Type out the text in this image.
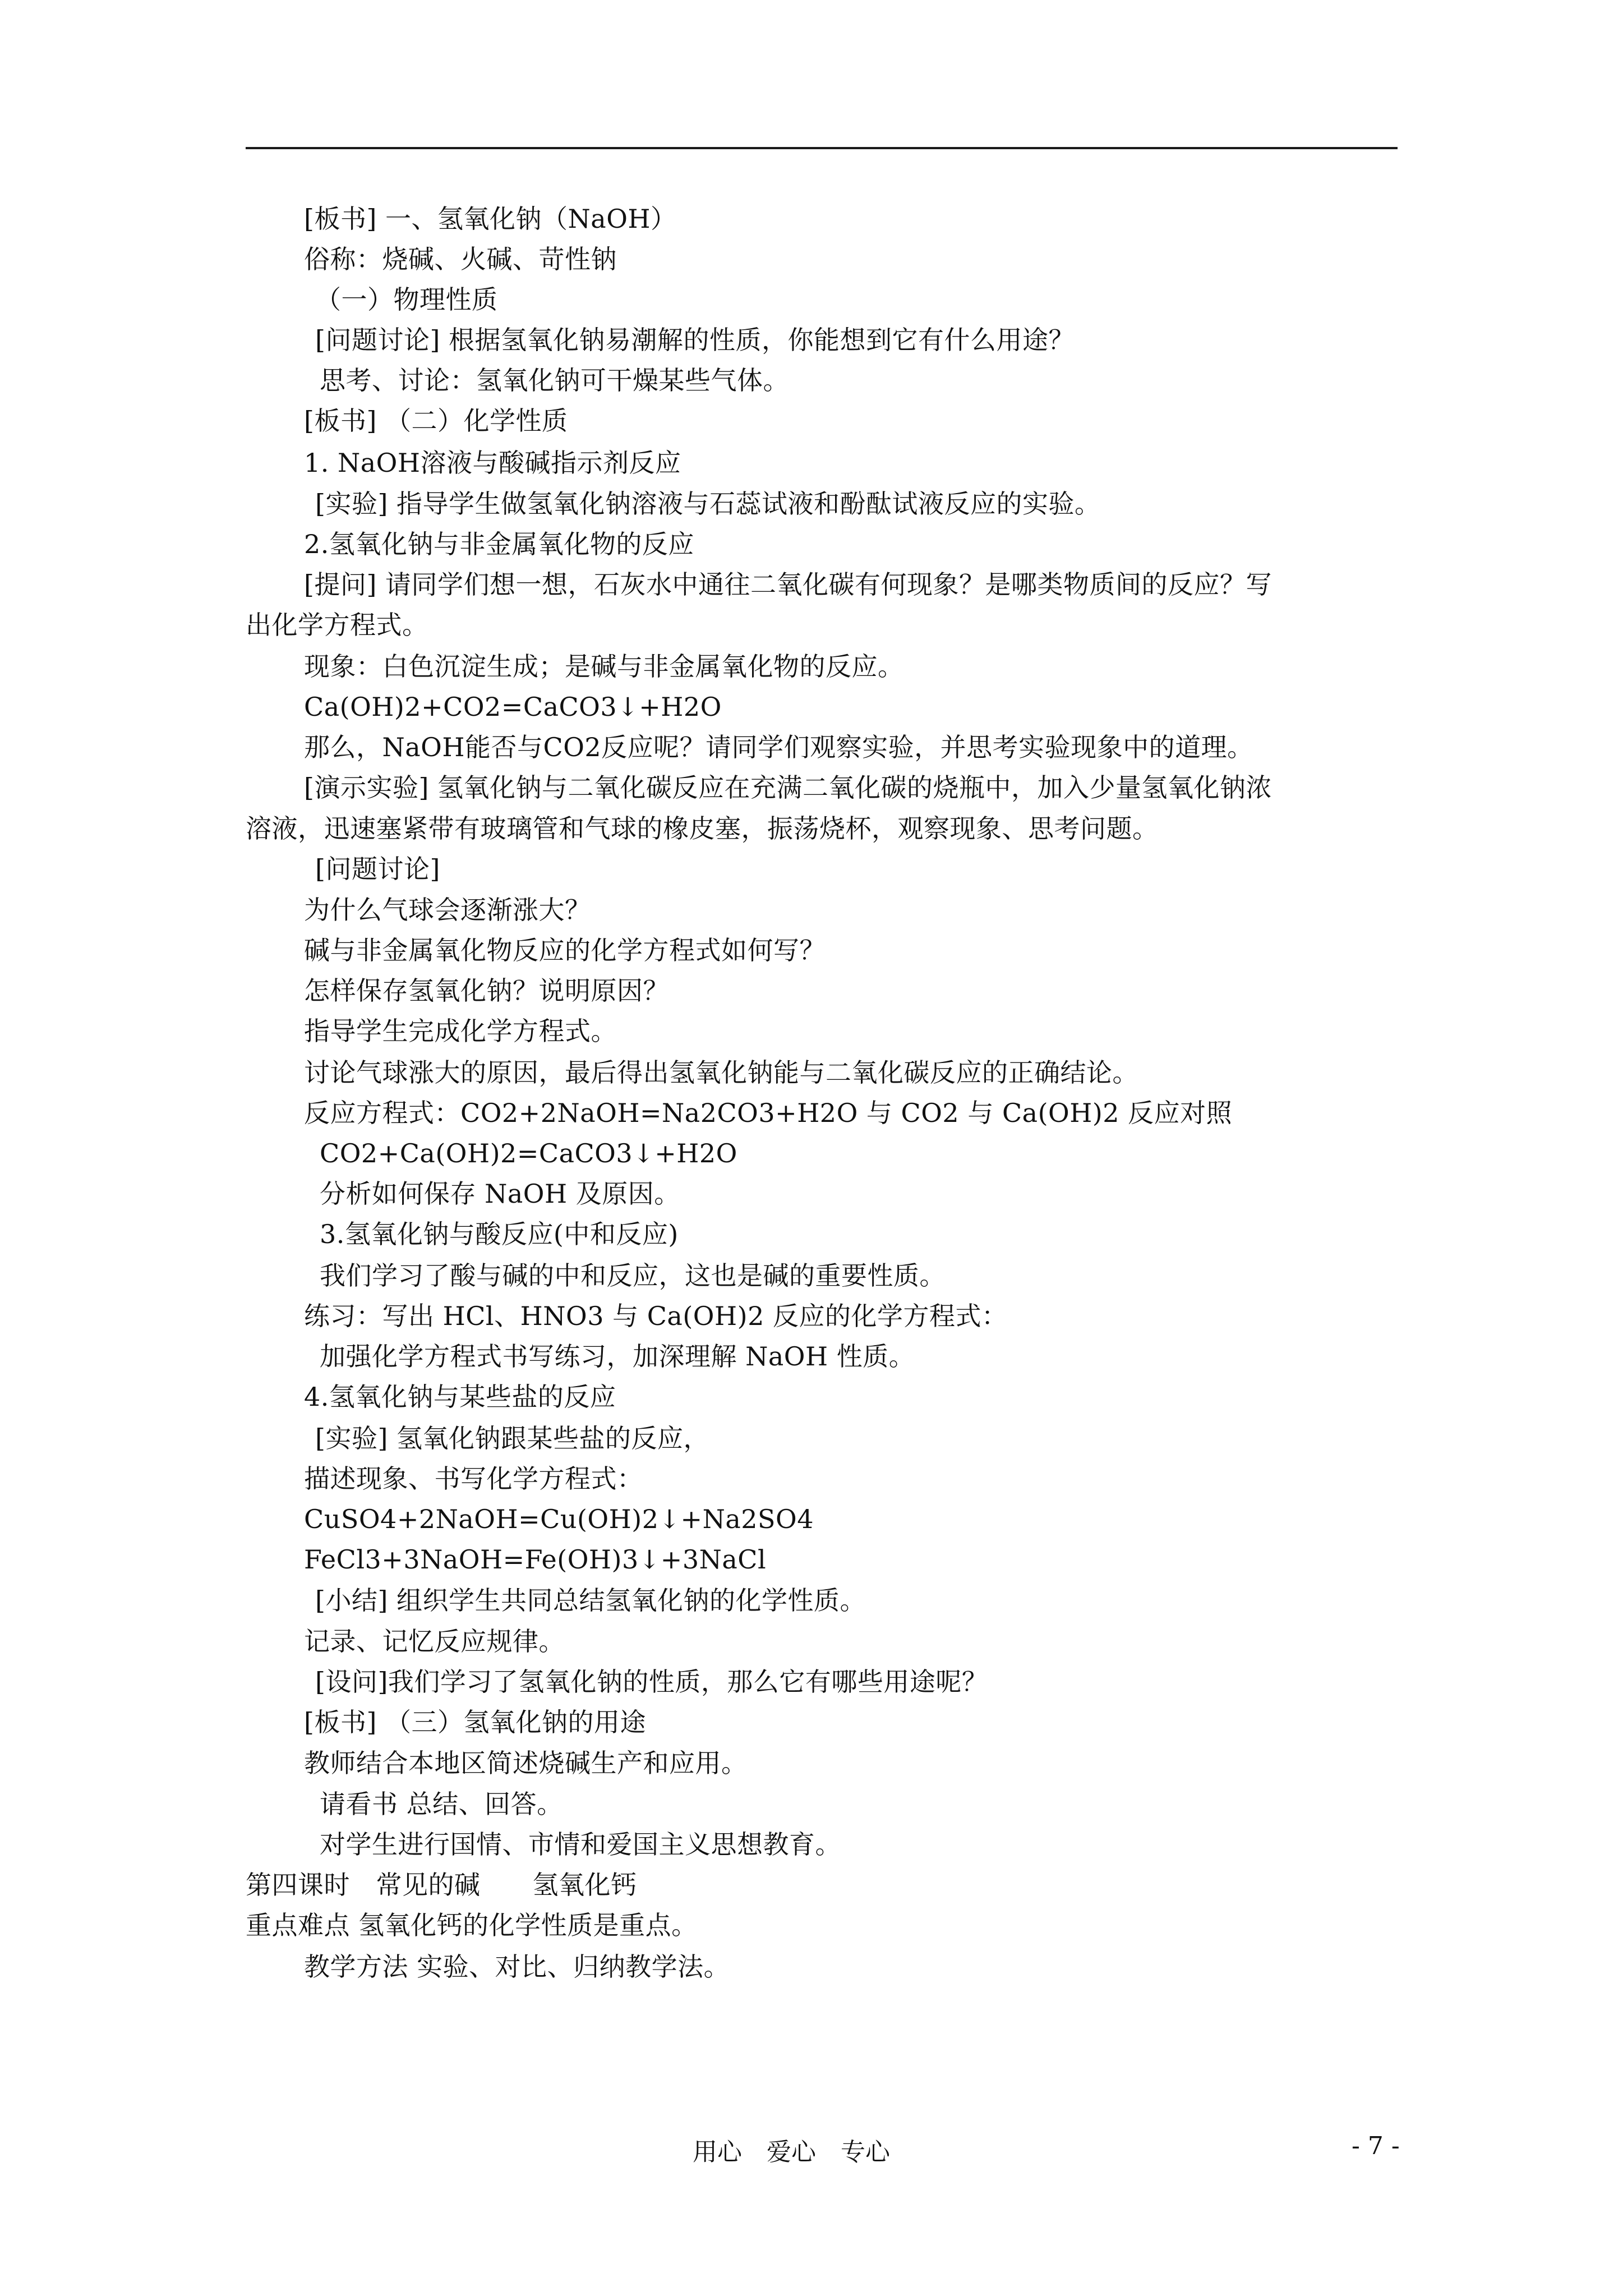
[板书] 一、氢氧化钠（NaOH）
俗称：烧碱、火碱、苛性钠
（一）物理性质
[问题讨论] 根据氢氧化钠易潮解的性质，你能想到它有什么用途？
思考、讨论：氢氧化钠可干燥某些气体。
[板书] （二）化学性质
1. NaOH溶液与酸碱指示剂反应
[实验] 指导学生做氢氧化钠溶液与石蕊试液和酚酞试液反应的实验。
2.氢氧化钠与非金属氧化物的反应
[提问] 请同学们想一想，石灰水中通往二氧化碳有何现象？是哪类物质间的反应？写
出化学方程式。
现象：白色沉淀生成；是碱与非金属氧化物的反应。
Ca(OH)2+CO2=CaCO3↓+H2O
那么，NaOH能否与CO2反应呢？请同学们观察实验，并思考实验现象中的道理。
[演示实验] 氢氧化钠与二氧化碳反应在充满二氧化碳的烧瓶中，加入少量氢氧化钠浓
溶液，迅速塞紧带有玻璃管和气球的橡皮塞，振荡烧杯，观察现象、思考问题。
[问题讨论]
为什么气球会逐渐涨大？
碱与非金属氧化物反应的化学方程式如何写？
怎样保存氢氧化钠？说明原因？
指导学生完成化学方程式。
讨论气球涨大的原因，最后得出氢氧化钠能与二氧化碳反应的正确结论。
反应方程式：CO2+2NaOH=Na2CO3+H2O 与 CO2 与 Ca(OH)2 反应对照
CO2+Ca(OH)2=CaCO3↓+H2O
分析如何保存 NaOH 及原因。
3.氢氧化钠与酸反应(中和反应)
我们学习了酸与碱的中和反应，这也是碱的重要性质。
练习：写出 HCl、HNO3 与 Ca(OH)2 反应的化学方程式：
加强化学方程式书写练习，加深理解 NaOH 性质。
4.氢氧化钠与某些盐的反应
[实验] 氢氧化钠跟某些盐的反应，
描述现象、书写化学方程式：
CuSO4+2NaOH=Cu(OH)2↓+Na2SO4
FeCl3+3NaOH=Fe(OH)3↓+3NaCl
[小结] 组织学生共同总结氢氧化钠的化学性质。
记录、记忆反应规律。
[设问]我们学习了氢氧化钠的性质，那么它有哪些用途呢？
[板书] （三）氢氧化钠的用途
教师结合本地区简述烧碱生产和应用。
请看书 总结、回答。
对学生进行国情、市情和爱国主义思想教育。
第四课时　常见的碱　　氢氧化钙
重点难点 氢氧化钙的化学性质是重点。
教学方法 实验、对比、归纳教学法。
用心　爱心　专心	- 7 -
